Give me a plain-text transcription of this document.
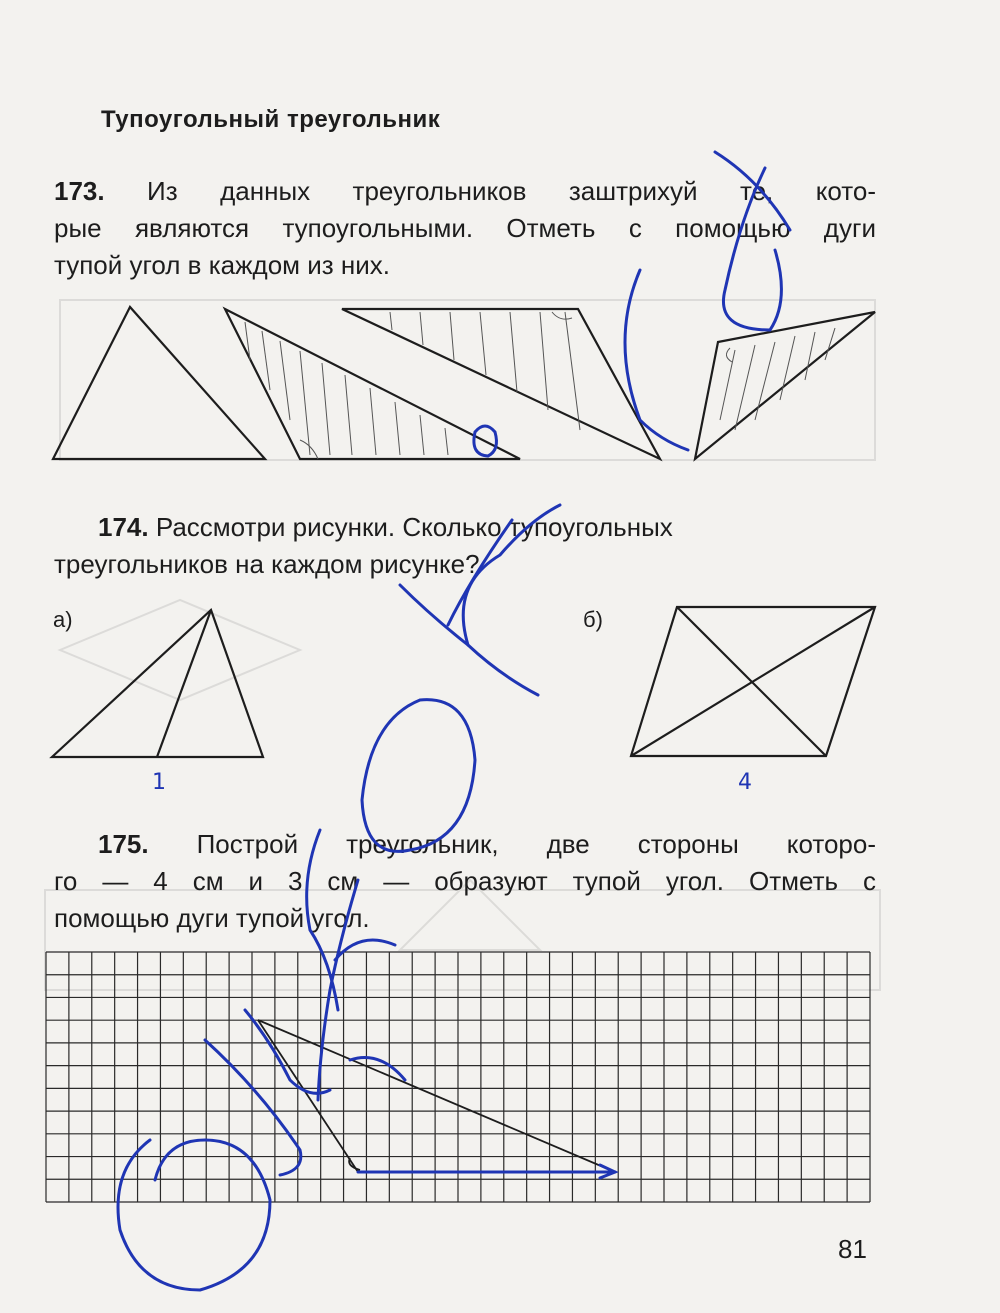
Тупоугольный треугольник
173. Из данных треугольников заштрихуй те, кото-
рые являются тупоугольными. Отметь с помощью дуги
тупой угол в каждом из них.
174. Рассмотри рисунки. Сколько тупоугольных
треугольников на каждом рисунке?
а)	б)
1	4
175. Построй треугольник, две стороны которо-
го — 4 см и 3 см — образуют тупой угол. Отметь с
помощью дуги тупой угол.
81
